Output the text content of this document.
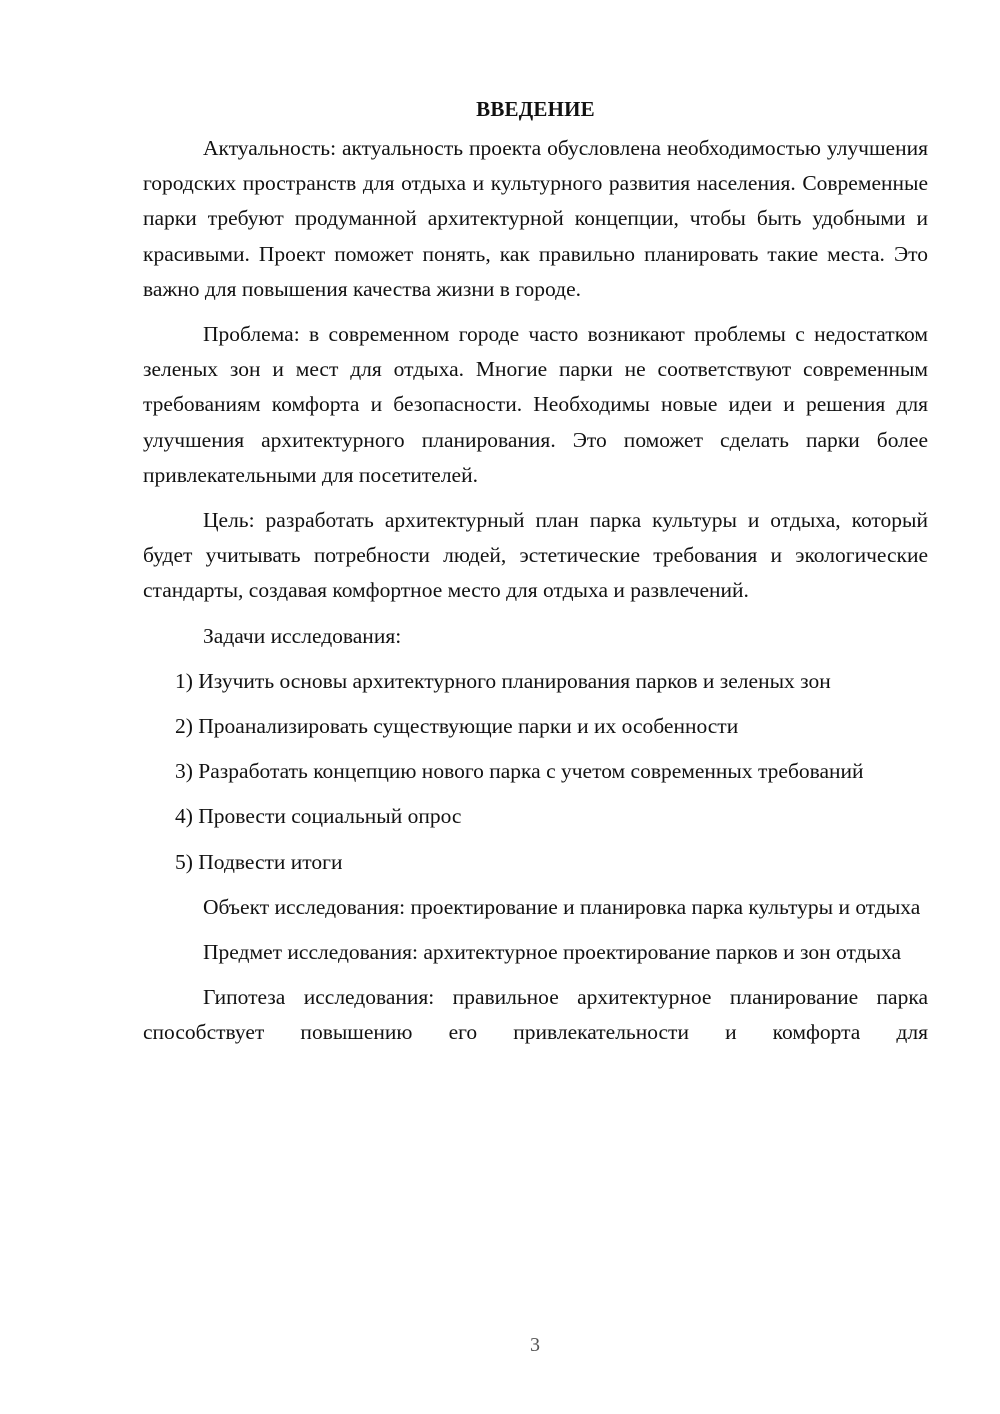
ВВЕДЕНИЕ

Актуальность: актуальность проекта обусловлена необходимостью улучшения городских пространств для отдыха и культурного развития населения. Современные парки требуют продуманной архитектурной концепции, чтобы быть удобными и красивыми. Проект поможет понять, как правильно планировать такие места. Это важно для повышения качества жизни в городе.

Проблема: в современном городе часто возникают проблемы с недостатком зеленых зон и мест для отдыха. Многие парки не соответствуют современным требованиям комфорта и безопасности. Необходимы новые идеи и решения для улучшения архитектурного планирования. Это поможет сделать парки более привлекательными для посетителей.

Цель: разработать архитектурный план парка культуры и отдыха, который будет учитывать потребности людей, эстетические требования и экологические стандарты, создавая комфортное место для отдыха и развлечений.

Задачи исследования:

1) Изучить основы архитектурного планирования парков и зеленых зон

2) Проанализировать существующие парки и их особенности

3) Разработать концепцию нового парка с учетом современных требований

4) Провести социальный опрос

5) Подвести итоги

Объект исследования: проектирование и планировка парка культуры и отдыха

Предмет исследования: архитектурное проектирование парков и зон отдыха

Гипотеза исследования: правильное архитектурное планирование парка способствует повышению его привлекательности и комфорта для

3
